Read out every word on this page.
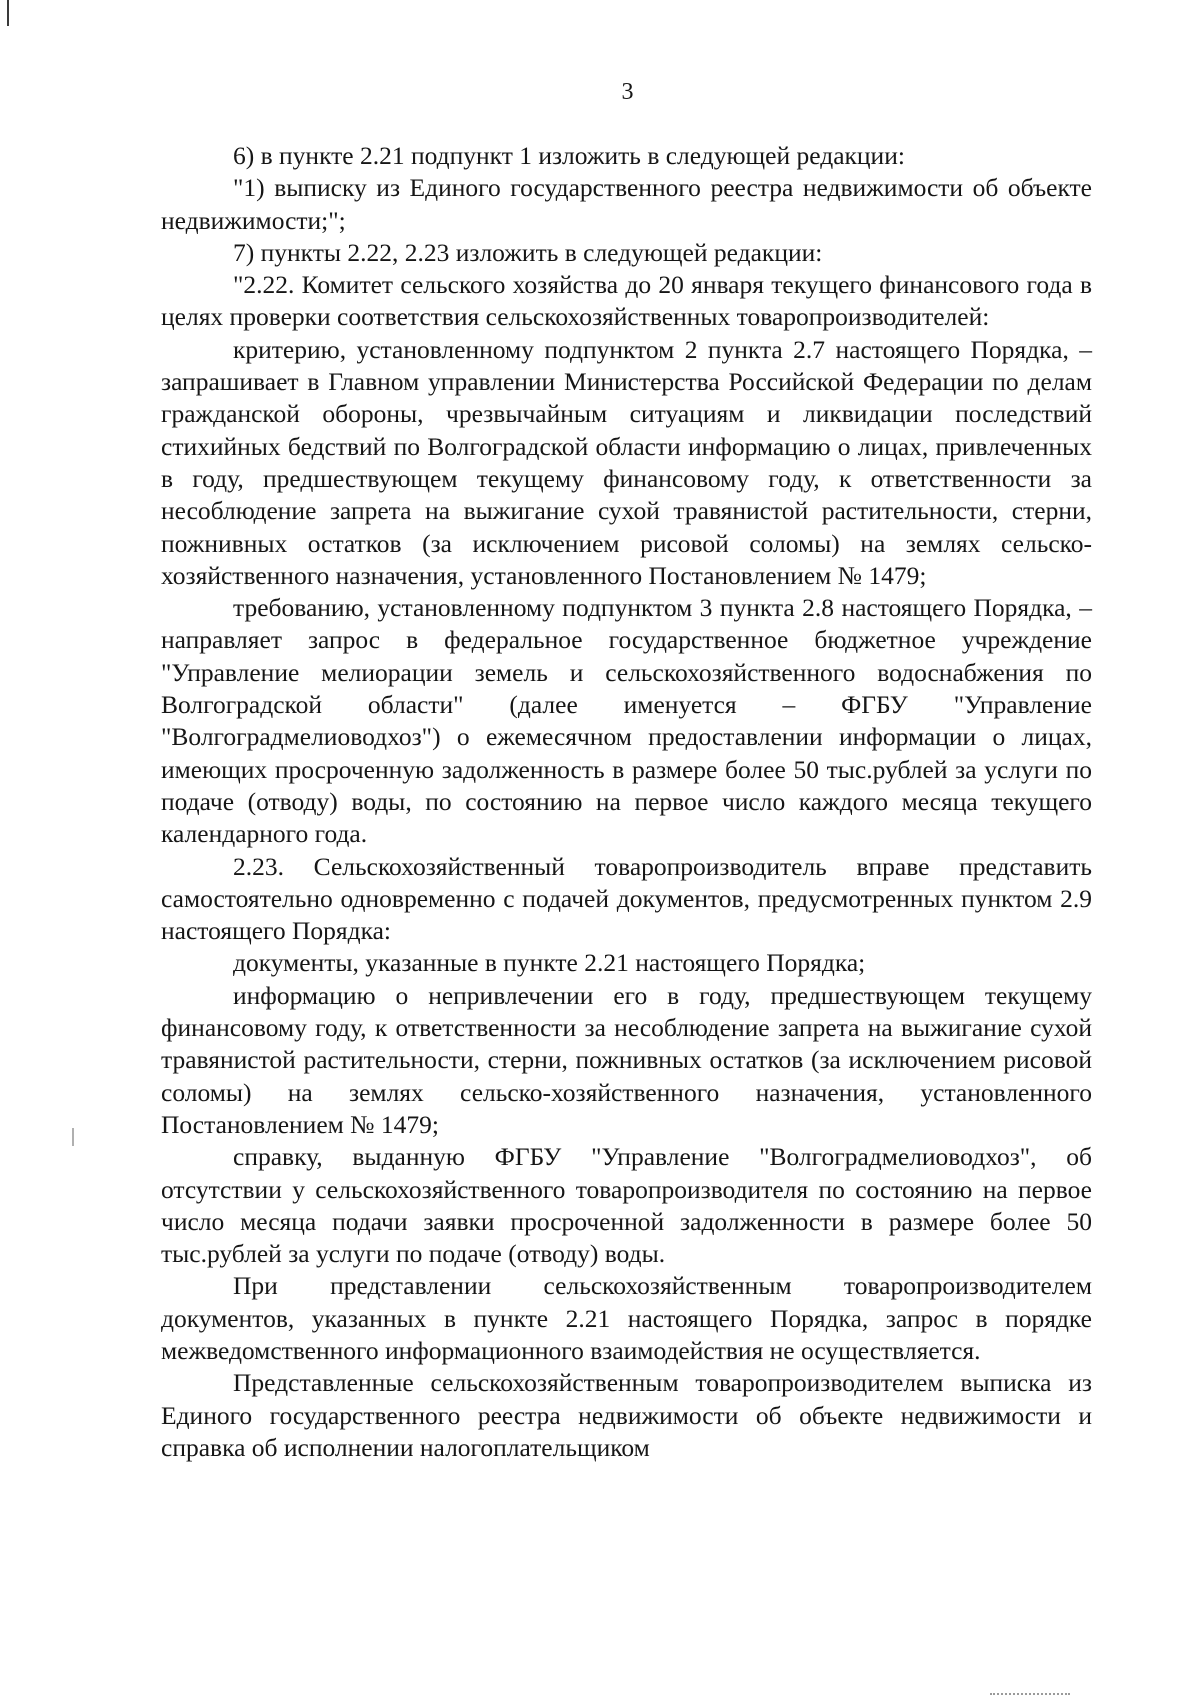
3

6) в пункте 2.21 подпункт 1 изложить в следующей редакции:

"1) выписку из Единого государственного реестра недвижимости об объекте недвижимости;";

7) пункты 2.22, 2.23 изложить в следующей редакции:

"2.22. Комитет сельского хозяйства до 20 января текущего финансового года в целях проверки соответствия сельскохозяйственных товаропроизводителей:

критерию, установленному подпунктом 2 пункта 2.7 настоящего Порядка, – запрашивает в Главном управлении Министерства Российской Федерации по делам гражданской обороны, чрезвычайным ситуациям и ликвидации последствий стихийных бедствий по Волгоградской области информацию о лицах, привлеченных в году, предшествующем текущему финансовому году, к ответственности за несоблюдение запрета на выжигание сухой травянистой растительности, стерни, пожнивных остатков (за исключением рисовой соломы) на землях сельско-хозяйственного назначения, установленного Постановлением № 1479;

требованию, установленному подпунктом 3 пункта 2.8 настоящего Порядка, – направляет запрос в федеральное государственное бюджетное учреждение "Управление мелиорации земель и сельскохозяйственного водоснабжения по Волгоградской области" (далее именуется – ФГБУ "Управление "Волгоградмелиоводхоз") о ежемесячном предоставлении информации о лицах, имеющих просроченную задолженность в размере более 50 тыс.рублей за услуги по подаче (отводу) воды, по состоянию на первое число каждого месяца текущего календарного года.

2.23. Сельскохозяйственный товаропроизводитель вправе представить самостоятельно одновременно с подачей документов, предусмотренных пунктом 2.9 настоящего Порядка:

документы, указанные в пункте 2.21 настоящего Порядка;

информацию о непривлечении его в году, предшествующем текущему финансовому году, к ответственности за несоблюдение запрета на выжигание сухой травянистой растительности, стерни, пожнивных остатков (за исключением рисовой соломы) на землях сельско-хозяйственного назначения, установленного Постановлением № 1479;

справку, выданную ФГБУ "Управление "Волгоградмелиоводхоз", об отсутствии у сельскохозяйственного товаропроизводителя по состоянию на первое число месяца подачи заявки просроченной задолженности в размере более 50 тыс.рублей за услуги по подаче (отводу) воды.

При представлении сельскохозяйственным товаропроизводителем документов, указанных в пункте 2.21 настоящего Порядка, запрос в порядке межведомственного информационного взаимодействия не осуществляется.

Представленные сельскохозяйственным товаропроизводителем выписка из Единого государственного реестра недвижимости об объекте недвижимости и справка об исполнении налогоплательщиком
